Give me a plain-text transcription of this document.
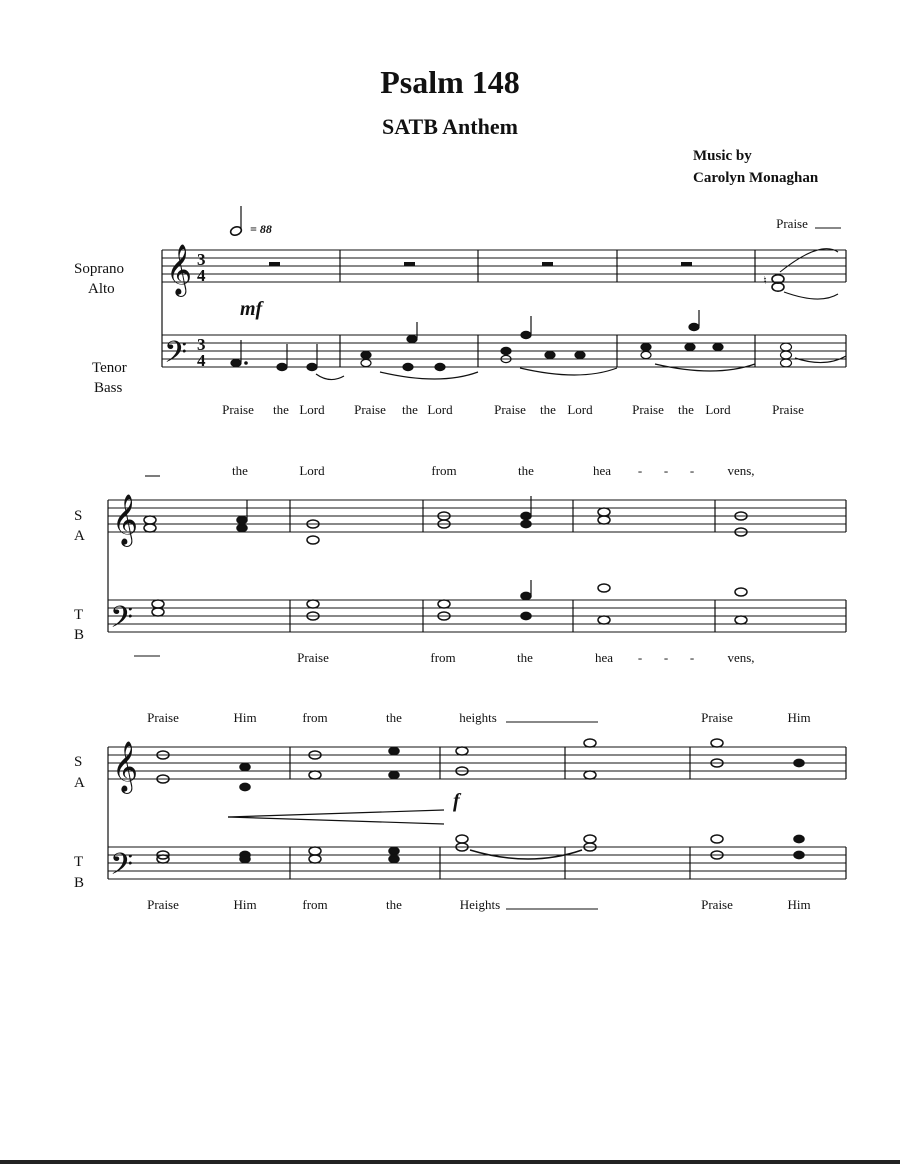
Psalm 148
SATB Anthem
Music by
Carolyn Monaghan
= 88
mf
f
Soprano
Alto
Tenor
Bass
S
A
T
B
S
A
T
B
Praise
Praise the Lord Praise the Lord	Praise the Lord	Praise the Lord	Praise
the	Lord	from	the	hea - - -	vens,
Praise	from	the	hea - - -	vens,
Praise	Him	from	the	heights	Praise	Him
Praise	Him	from	the	Heights	Praise	Him
𝄞
𝄢
𝄞
𝄢
𝄞
𝄢
3
4
3
4
♮
